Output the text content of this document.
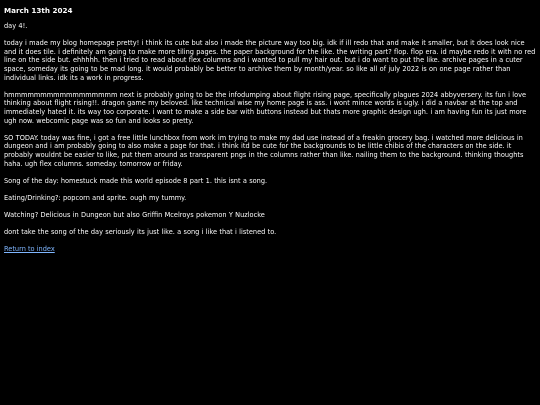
March 13th 2024

day 4!.

today i made my blog homepage pretty! i think its cute but also i made the picture way too big. idk if ill redo that and make it smaller, but it does look nice and it does tile. i definitely am going to make more tiling pages. the paper background for the like. the writing part? flop. flop era. id maybe redo it with no red line on the side but. ehhhhh. then i tried to read about flex columns and i wanted to pull my hair out. but i do want to put the like. archive pages in a cuter space, someday its going to be mad long. it would probably be better to archive them by month/year. so like all of july 2022 is on one page rather than individual links. idk its a work in progress.

hmmmmmmmmmmmmmmmmm next is probably going to be the infodumping about flight rising page, specifically plagues 2024 abbyversery. its fun i love thinking about flight rising!!. dragon game my beloved. like technical wise my home page is ass. i wont mince words is ugly. i did a navbar at the top and immediately hated it. its way too corporate. i want to make a side bar with buttons instead but thats more graphic design ugh. i am having fun its just more ugh now. webcomic page was so fun and looks so pretty.

SO TODAY. today was fine, i got a free little lunchbox from work im trying to make my dad use instead of a freakin grocery bag. i watched more delicious in dungeon and i am probably going to also make a page for that. i think itd be cute for the backgrounds to be little chibis of the characters on the side. it probably wouldnt be easier to like, put them around as transparent pngs in the columns rather than like. nailing them to the background. thinking thoughts haha. ugh flex columns. someday. tomorrow or friday.

Song of the day: homestuck made this world episode 8 part 1. this isnt a song.

Eating/Drinking?: popcorn and sprite. ough my tummy.

Watching? Delicious in Dungeon but also Griffin Mcelroys pokemon Y Nuzlocke

dont take the song of the day seriously its just like. a song i like that i listened to.

Return to index
